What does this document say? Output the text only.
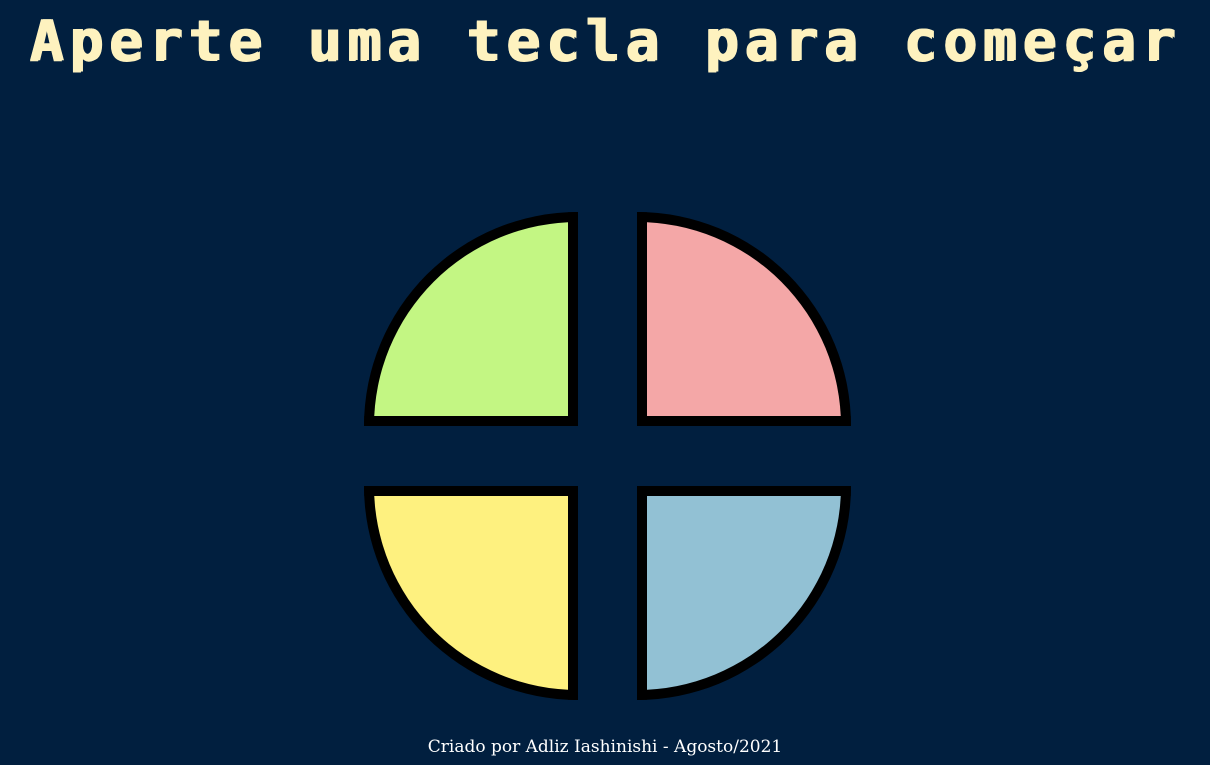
Aperte uma tecla para começar
Criado por Adliz Iashinishi - Agosto/2021
